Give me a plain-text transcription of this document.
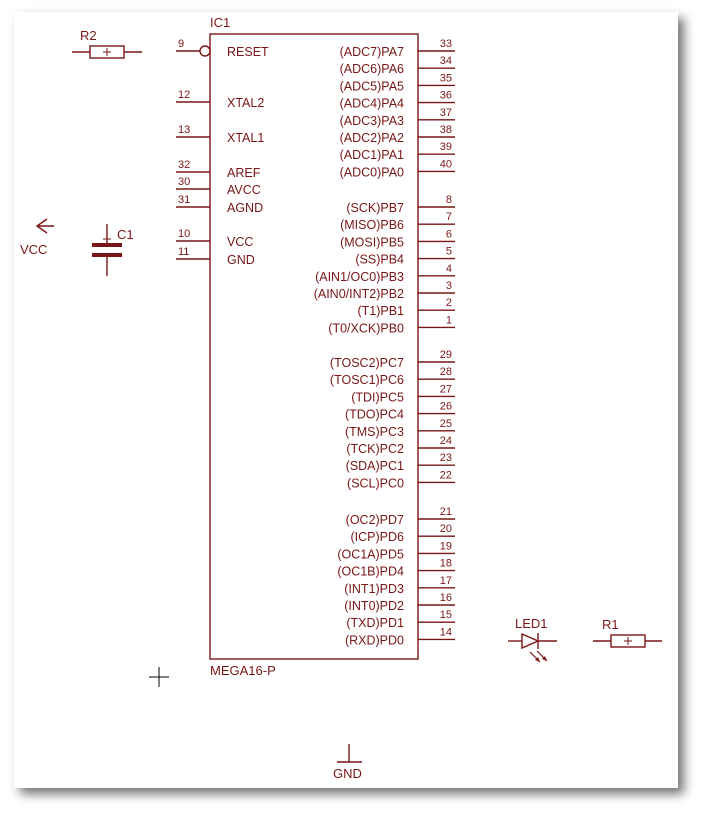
IC1
MEGA16-P
9
RESET
12
XTAL2
13
XTAL1
32
AREF
30
AVCC
31
AGND
10
VCC
11
GND
33
(ADC7)PA7
34
(ADC6)PA6
35
(ADC5)PA5
36
(ADC4)PA4
37
(ADC3)PA3
38
(ADC2)PA2
39
(ADC1)PA1
40
(ADC0)PA0
8
(SCK)PB7
7
(MISO)PB6
6
(MOSI)PB5
5
(SS)PB4
4
(AIN1/OC0)PB3
3
(AIN0/INT2)PB2
2
(T1)PB1
1
(T0/XCK)PB0
29
(TOSC2)PC7
28
(TOSC1)PC6
27
(TDI)PC5
26
(TDO)PC4
25
(TMS)PC3
24
(TCK)PC2
23
(SDA)PC1
22
(SCL)PC0
21
(OC2)PD7
20
(ICP)PD6
19
(OC1A)PD5
18
(OC1B)PD4
17
(INT1)PD3
16
(INT0)PD2
15
(TXD)PD1
14
(RXD)PD0
R2
VCC
C1
LED1	R1
GND
